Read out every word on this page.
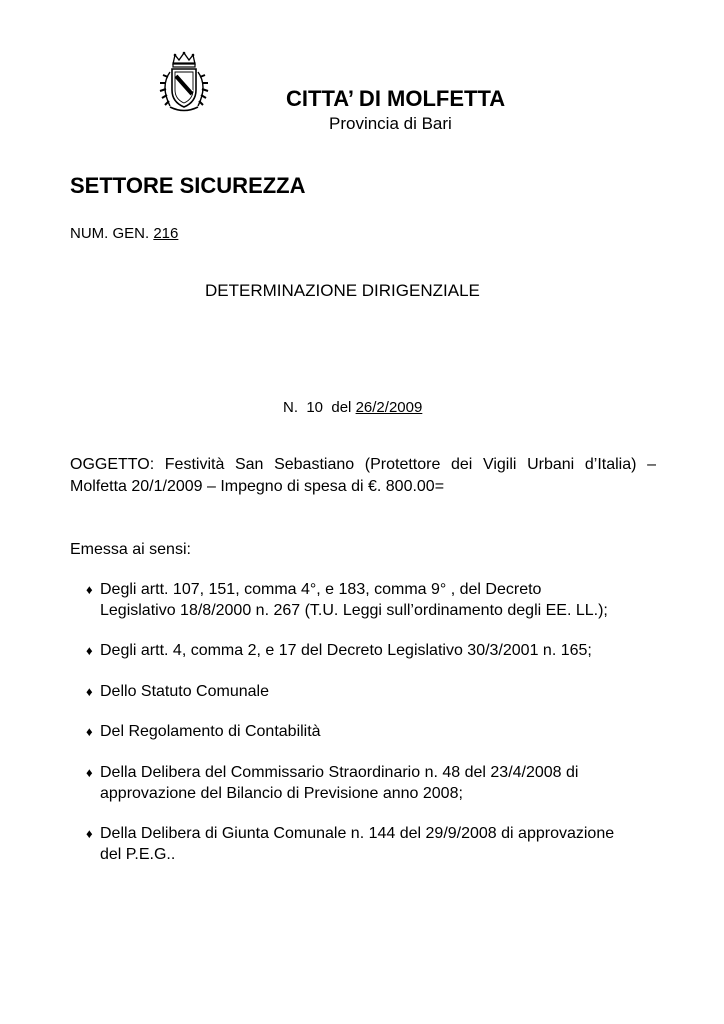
CITTA’ DI MOLFETTA
Provincia di Bari
SETTORE SICUREZZA
NUM. GEN. 216
DETERMINAZIONE DIRIGENZIALE
N. 10 del 26/2/2009
OGGETTO: Festività San Sebastiano (Protettore dei Vigili Urbani d’Italia) –
Molfetta 20/1/2009 – Impegno di spesa di €. 800.00=
Emessa ai sensi:
♦ Degli artt. 107, 151, comma 4°, e 183, comma 9° , del Decreto
Legislativo 18/8/2000 n. 267 (T.U. Leggi sull’ordinamento degli EE. LL.);
♦ Degli artt. 4, comma 2, e 17 del Decreto Legislativo 30/3/2001 n. 165;
♦ Dello Statuto Comunale
♦ Del Regolamento di Contabilità
♦ Della Delibera del Commissario Straordinario n. 48 del 23/4/2008 di
approvazione del Bilancio di Previsione anno 2008;
♦ Della Delibera di Giunta Comunale n. 144 del 29/9/2008 di approvazione
del P.E.G..
